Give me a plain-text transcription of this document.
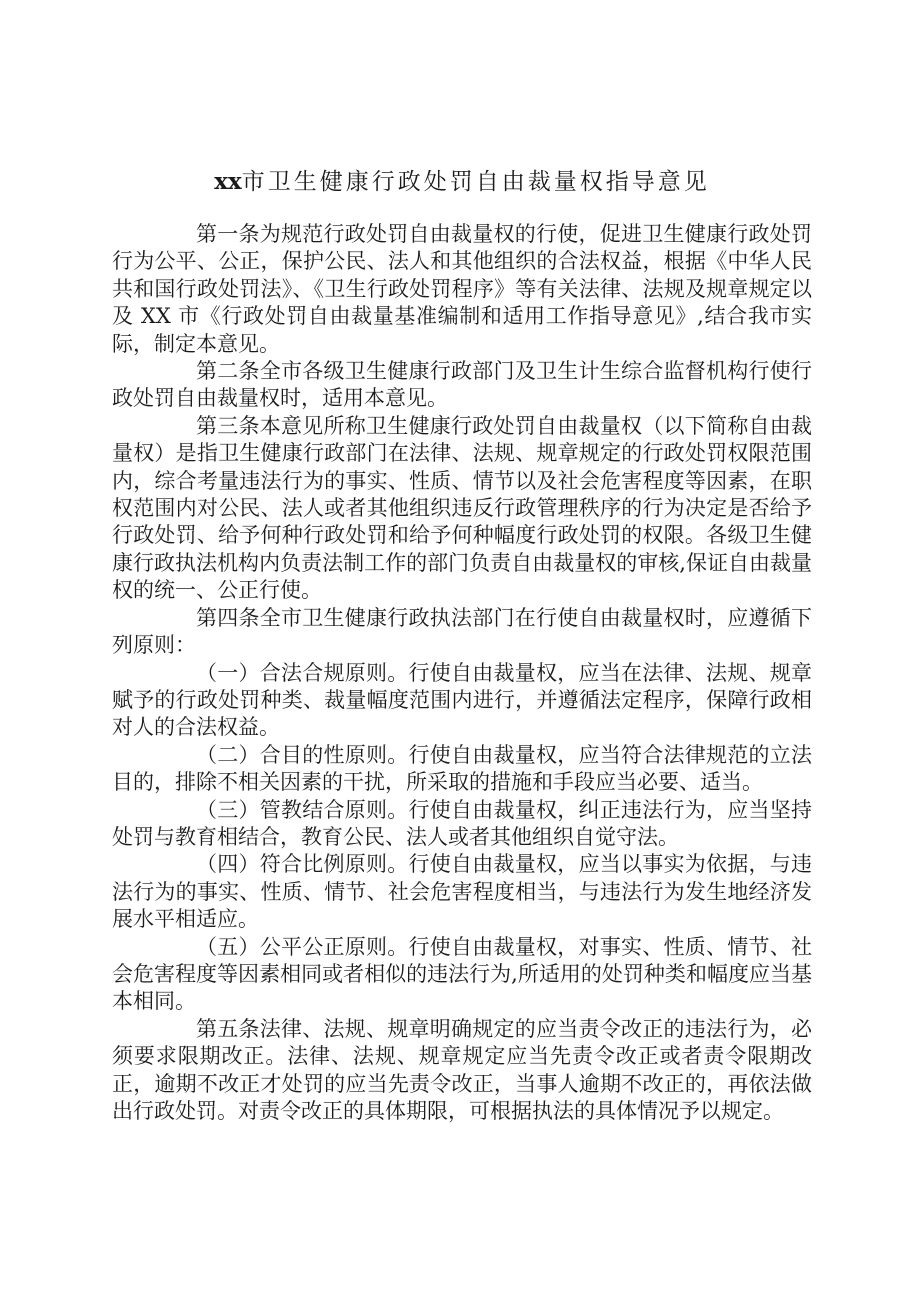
xx市卫生健康行政处罚自由裁量权指导意见

第一条为规范行政处罚自由裁量权的行使，促进卫生健康行政处罚行为公平、公正，保护公民、法人和其他组织的合法权益，根据《中华人民共和国行政处罚法》、《卫生行政处罚程序》等有关法律、法规及规章规定以及 XX 市《行政处罚自由裁量基准编制和适用工作指导意见》,结合我市实际，制定本意见。

第二条全市各级卫生健康行政部门及卫生计生综合监督机构行使行政处罚自由裁量权时，适用本意见。

第三条本意见所称卫生健康行政处罚自由裁量权（以下简称自由裁量权）是指卫生健康行政部门在法律、法规、规章规定的行政处罚权限范围内，综合考量违法行为的事实、性质、情节以及社会危害程度等因素，在职权范围内对公民、法人或者其他组织违反行政管理秩序的行为决定是否给予行政处罚、给予何种行政处罚和给予何种幅度行政处罚的权限。各级卫生健康行政执法机构内负责法制工作的部门负责自由裁量权的审核,保证自由裁量权的统一、公正行使。

第四条全市卫生健康行政执法部门在行使自由裁量权时，应遵循下列原则：

（一）合法合规原则。行使自由裁量权，应当在法律、法规、规章赋予的行政处罚种类、裁量幅度范围内进行，并遵循法定程序，保障行政相对人的合法权益。

（二）合目的性原则。行使自由裁量权，应当符合法律规范的立法目的，排除不相关因素的干扰，所采取的措施和手段应当必要、适当。

（三）管教结合原则。行使自由裁量权，纠正违法行为，应当坚持处罚与教育相结合，教育公民、法人或者其他组织自觉守法。

（四）符合比例原则。行使自由裁量权，应当以事实为依据，与违法行为的事实、性质、情节、社会危害程度相当，与违法行为发生地经济发展水平相适应。

（五）公平公正原则。行使自由裁量权，对事实、性质、情节、社会危害程度等因素相同或者相似的违法行为,所适用的处罚种类和幅度应当基本相同。

第五条法律、法规、规章明确规定的应当责令改正的违法行为，必须要求限期改正。法律、法规、规章规定应当先责令改正或者责令限期改正，逾期不改正才处罚的应当先责令改正，当事人逾期不改正的，再依法做出行政处罚。对责令改正的具体期限，可根据执法的具体情况予以规定。
